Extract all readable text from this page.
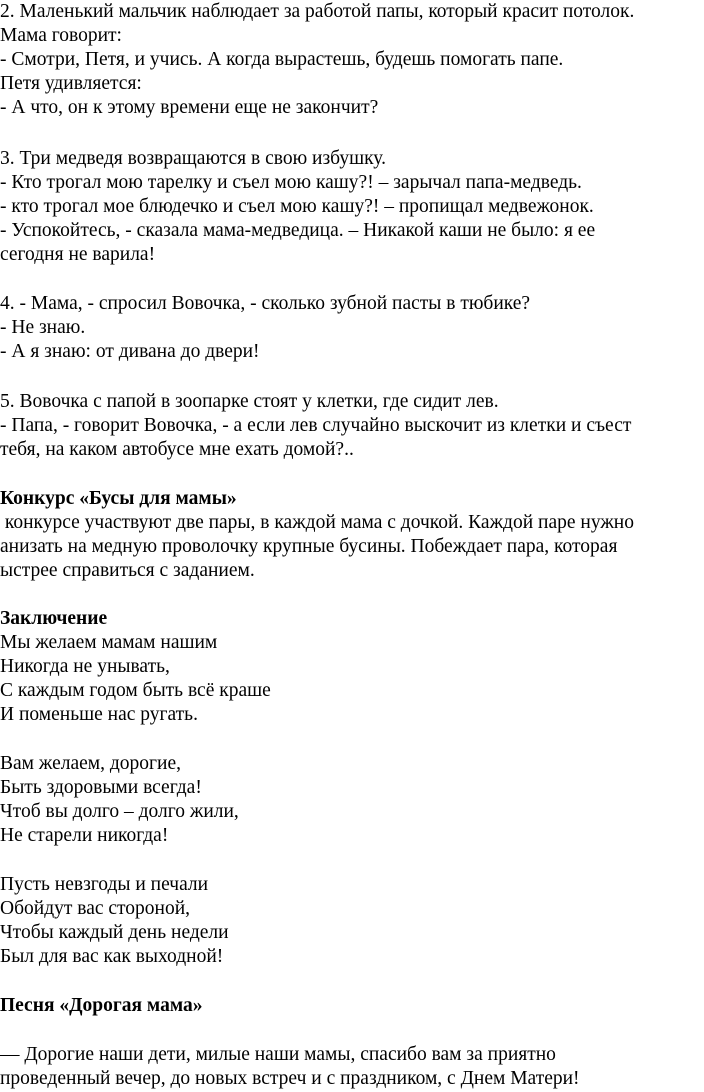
2. Маленький мальчик наблюдает за работой папы, который красит потолок.
Мама говорит:
- Смотри, Петя, и учись. А когда вырастешь, будешь помогать папе.
Петя удивляется:
- А что, он к этому времени еще не закончит?
3. Три медведя возвращаются в свою избушку.
- Кто трогал мою тарелку и съел мою кашу?! – зарычал папа-медведь.
- кто трогал мое блюдечко и съел мою кашу?! – пропищал медвежонок.
- Успокойтесь, - сказала мама-медведица. – Никакой каши не было: я ее
сегодня не варила!
4. - Мама, - спросил Вовочка, - сколько зубной пасты в тюбике?
- Не знаю.
- А я знаю: от дивана до двери!
5. Вовочка с папой в зоопарке стоят у клетки, где сидит лев.
- Папа, - говорит Вовочка, - а если лев случайно выскочит из клетки и съест
тебя, на каком автобусе мне ехать домой?..
Конкурс «Бусы для мамы»
конкурсе участвуют две пары, в каждой мама с дочкой. Каждой паре нужно
анизать на медную проволочку крупные бусины. Побеждает пара, которая
ыстрее справиться с заданием.
Заключение
Мы желаем мамам нашим
Никогда не унывать,
С каждым годом быть всё краше
И поменьше нас ругать.
Вам желаем, дорогие,
Быть здоровыми всегда!
Чтоб вы долго – долго жили,
Не старели никогда!
Пусть невзгоды и печали
Обойдут вас стороной,
Чтобы каждый день недели
Был для вас как выходной!
Песня «Дорогая мама»
— Дорогие наши дети, милые наши мамы, спасибо вам за приятно
проведенный вечер, до новых встреч и с праздником, с Днем Матери!
